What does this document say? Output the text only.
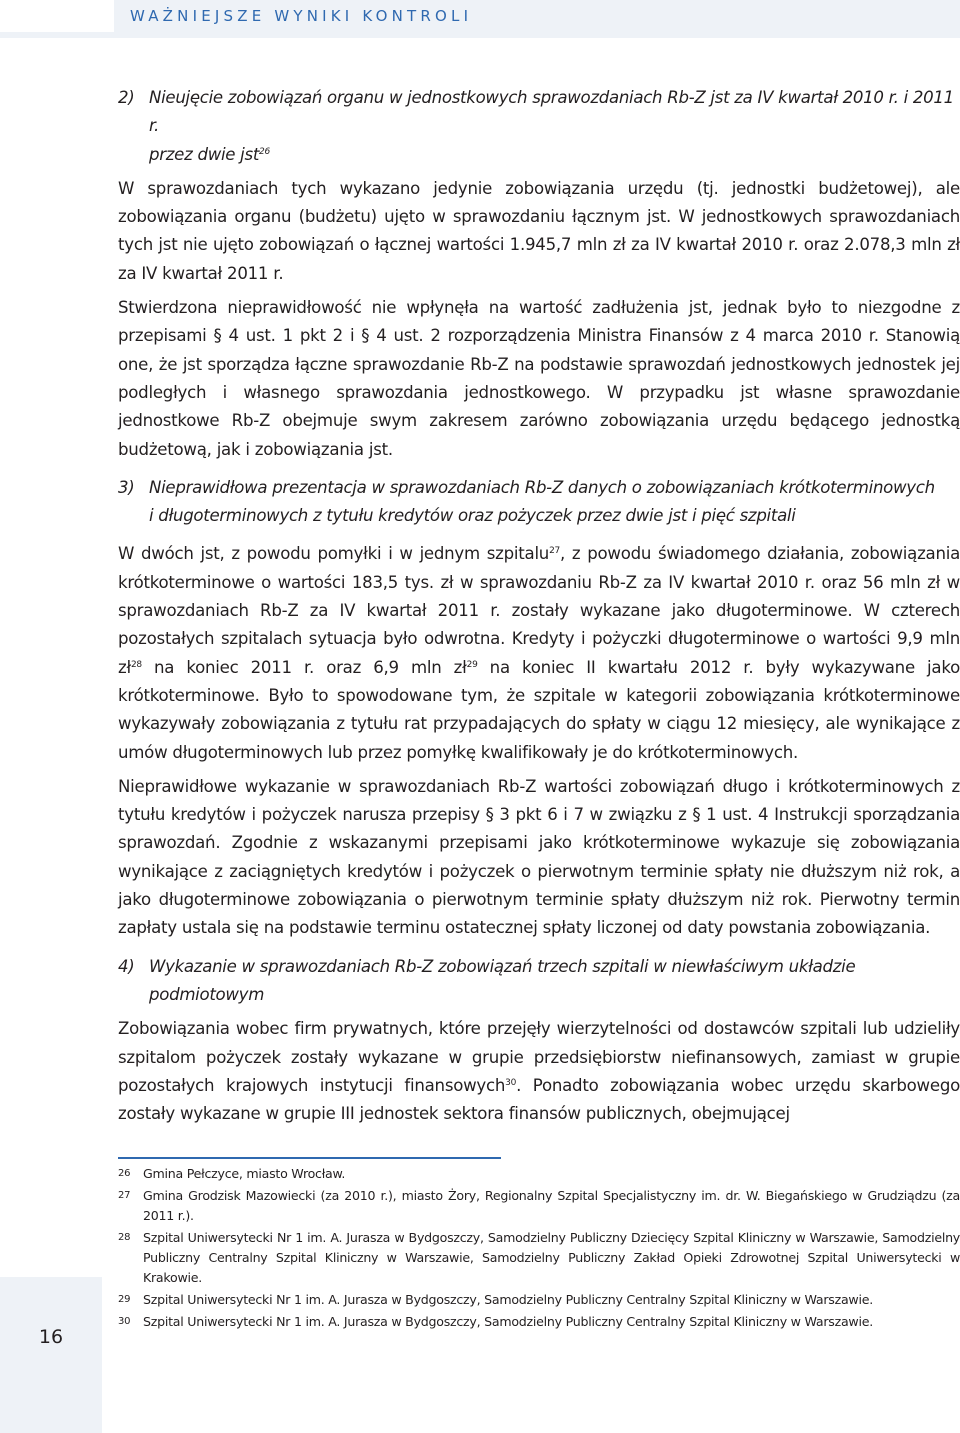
WAŻNIEJSZE WYNIKI KONTROLI
2) Nieujęcie zobowiązań organu w jednostkowych sprawozdaniach Rb-Z jst za IV kwartał 2010 r. i 2011 r.
przez dwie jst$^{26}$

W sprawozdaniach tych wykazano jedynie zobowiązania urzędu (tj. jednostki budżetowej), ale zobowiązania organu (budżetu) ujęto w sprawozdaniu łącznym jst. W jednostkowych sprawozdaniach tych jst nie ujęto zobowiązań o łącznej wartości 1.945,7 mln zł za IV kwartał 2010 r. oraz 2.078,3 mln zł za IV kwartał 2011 r.

Stwierdzona nieprawidłowość nie wpłynęła na wartość zadłużenia jst, jednak było to niezgodne z przepisami § 4 ust. 1 pkt 2 i § 4 ust. 2 rozporządzenia Ministra Finansów z 4 marca 2010 r. Stanowią one, że jst sporządza łączne sprawozdanie Rb-Z na podstawie sprawozdań jednostkowych jednostek jej podległych i własnego sprawozdania jednostkowego. W przypadku jst własne sprawozdanie jednostkowe Rb-Z obejmuje swym zakresem zarówno zobowiązania urzędu będącego jednostką budżetową, jak i zobowiązania jst.

3) Nieprawidłowa prezentacja w sprawozdaniach Rb-Z danych o zobowiązaniach krótkoterminowych
i długoterminowych z tytułu kredytów oraz pożyczek przez dwie jst i pięć szpitali

W dwóch jst, z powodu pomyłki i w jednym szpitalu$^{27}$, z powodu świadomego działania, zobowiązania krótkoterminowe o wartości 183,5 tys. zł w sprawozdaniu Rb-Z za IV kwartał 2010 r. oraz 56 mln zł w sprawozdaniach Rb-Z za IV kwartał 2011 r. zostały wykazane jako długoterminowe. W czterech pozostałych szpitalach sytuacja było odwrotna. Kredyty i pożyczki długoterminowe o wartości 9,9 mln $zł^{28}$ na koniec 2011 r. oraz 6,9 mln $zł^{29}$ na koniec II kwartału 2012 r. były wykazywane jako krótkoterminowe. Było to spowodowane tym, że szpitale w kategorii zobowiązania krótkoterminowe wykazywały zobowiązania z tytułu rat przypadających do spłaty w ciągu 12 miesięcy, ale wynikające z umów długoterminowych lub przez pomyłkę kwalifikowały je do krótkoterminowych.

Nieprawidłowe wykazanie w sprawozdaniach Rb-Z wartości zobowiązań długo i krótkoterminowych z tytułu kredytów i pożyczek narusza przepisy § 3 pkt 6 i 7 w związku z § 1 ust. 4 Instrukcji sporządzania sprawozdań. Zgodnie z wskazanymi przepisami jako krótkoterminowe wykazuje się zobowiązania wynikające z zaciągniętych kredytów i pożyczek o pierwotnym terminie spłaty nie dłuższym niż rok, a jako długoterminowe zobowiązania o pierwotnym terminie spłaty dłuższym niż rok. Pierwotny termin zapłaty ustala się na podstawie terminu ostatecznej spłaty liczonej od daty powstania zobowiązania.

4) Wykazanie w sprawozdaniach Rb-Z zobowiązań trzech szpitali w niewłaściwym układzie podmiotowym

Zobowiązania wobec firm prywatnych, które przejęły wierzytelności od dostawców szpitali lub udzieliły szpitalom pożyczek zostały wykazane w grupie przedsiębiorstw niefinansowych, zamiast w grupie pozostałych krajowych instytucji finansowych$^{30}$. Ponadto zobowiązania wobec urzędu skarbowego zostały wykazane w grupie III jednostek sektora finansów publicznych, obejmującej

26	Gmina Pełczyce, miasto Wrocław.
27	Gmina Grodzisk Mazowiecki (za 2010 r.), miasto Żory, Regionalny Szpital Specjalistyczny im. dr. W. Biegańskiego w Grudziądzu (za 2011 r.).
28	Szpital Uniwersytecki Nr 1 im. A. Jurasza w Bydgoszczy, Samodzielny Publiczny Dziecięcy Szpital Kliniczny w Warszawie, Samodzielny Publiczny Centralny Szpital Kliniczny w Warszawie, Samodzielny Publiczny Zakład Opieki Zdrowotnej Szpital Uniwersytecki w Krakowie.
29	Szpital Uniwersytecki Nr 1 im. A. Jurasza w Bydgoszczy, Samodzielny Publiczny Centralny Szpital Kliniczny w Warszawie.
30	Szpital Uniwersytecki Nr 1 im. A. Jurasza w Bydgoszczy, Samodzielny Publiczny Centralny Szpital Kliniczny w Warszawie.
16
